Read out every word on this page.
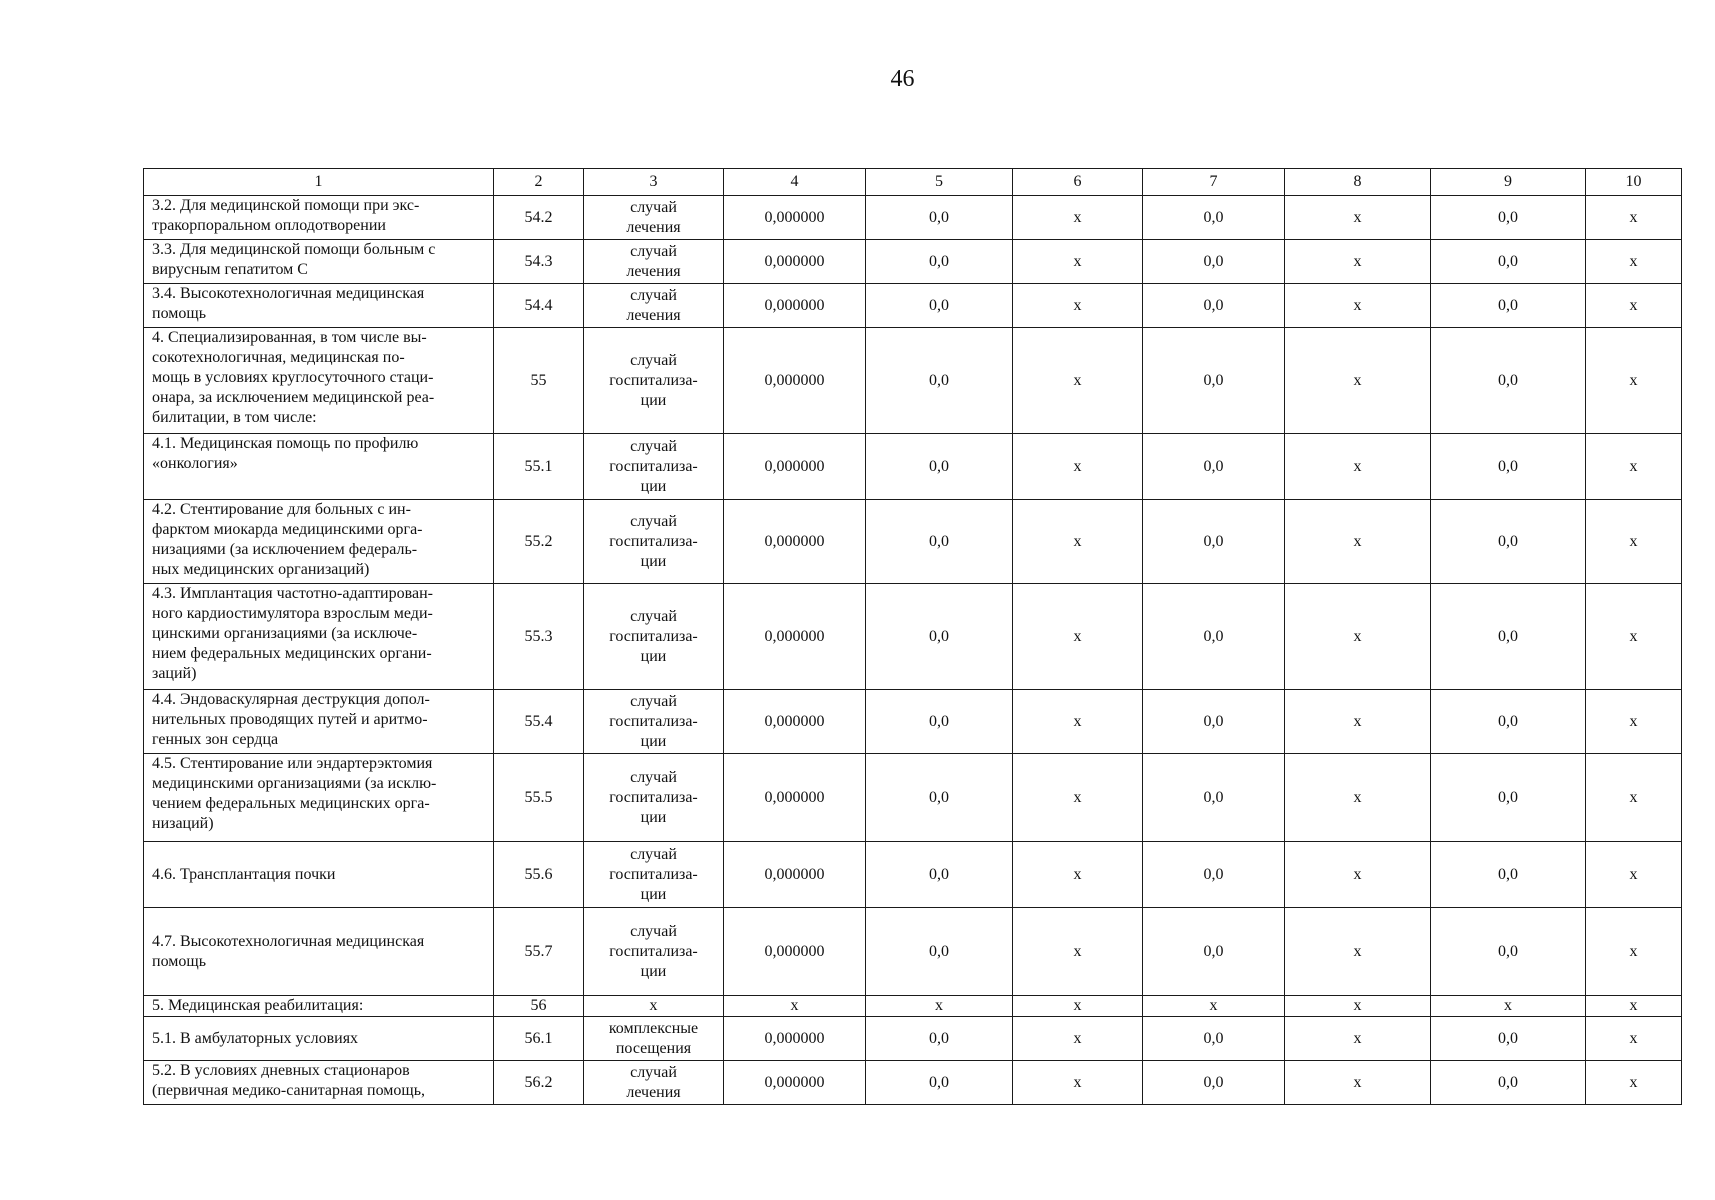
46
1	2	3	4	5	6	7	8	9	10
3.2. Для медицинской помощи при экс-
тракорпоральном оплодотворении	54.2	случай
лечения	0,000000	0,0	х	0,0	х	0,0	х
3.3. Для медицинской помощи больным с
вирусным гепатитом С	54.3	случай
лечения	0,000000	0,0	х	0,0	х	0,0	х
3.4. Высокотехнологичная медицинская
помощь	54.4	случай
лечения	0,000000	0,0	х	0,0	х	0,0	х
4. Специализированная, в том числе вы-
сокотехнологичная, медицинская по-
мощь в условиях круглосуточного стаци-
онара, за исключением медицинской реа-
билитации, в том числе:	55	случай
госпитализа-
ции	0,000000	0,0	х	0,0	х	0,0	х
4.1. Медицинская помощь по профилю
«онкология»	55.1	случай
госпитализа-
ции	0,000000	0,0	х	0,0	х	0,0	х
4.2. Стентирование для больных с ин-
фарктом миокарда медицинскими орга-
низациями (за исключением федераль-
ных медицинских организаций)	55.2	случай
госпитализа-
ции	0,000000	0,0	х	0,0	х	0,0	х
4.3. Имплантация частотно-адаптирован-
ного кардиостимулятора взрослым меди-
цинскими организациями (за исключе-
нием федеральных медицинских органи-
заций)	55.3	случай
госпитализа-
ции	0,000000	0,0	х	0,0	х	0,0	х
4.4. Эндоваскулярная деструкция допол-
нительных проводящих путей и аритмо-
генных зон сердца	55.4	случай
госпитализа-
ции	0,000000	0,0	х	0,0	х	0,0	х
4.5. Стентирование или эндартерэктомия
медицинскими организациями (за исклю-
чением федеральных медицинских орга-
низаций)	55.5	случай
госпитализа-
ции	0,000000	0,0	х	0,0	х	0,0	х
4.6. Трансплантация почки	55.6	случай
госпитализа-
ции	0,000000	0,0	х	0,0	х	0,0	х
4.7. Высокотехнологичная медицинская
помощь	55.7	случай
госпитализа-
ции	0,000000	0,0	х	0,0	х	0,0	х
5. Медицинская реабилитация:	56	х	х	х	х	х	х	х	х
5.1. В амбулаторных условиях	56.1	комплексные
посещения	0,000000	0,0	х	0,0	х	0,0	х
5.2. В условиях дневных стационаров
(первичная медико-санитарная помощь,	56.2	случай
лечения	0,000000	0,0	х	0,0	х	0,0	х
